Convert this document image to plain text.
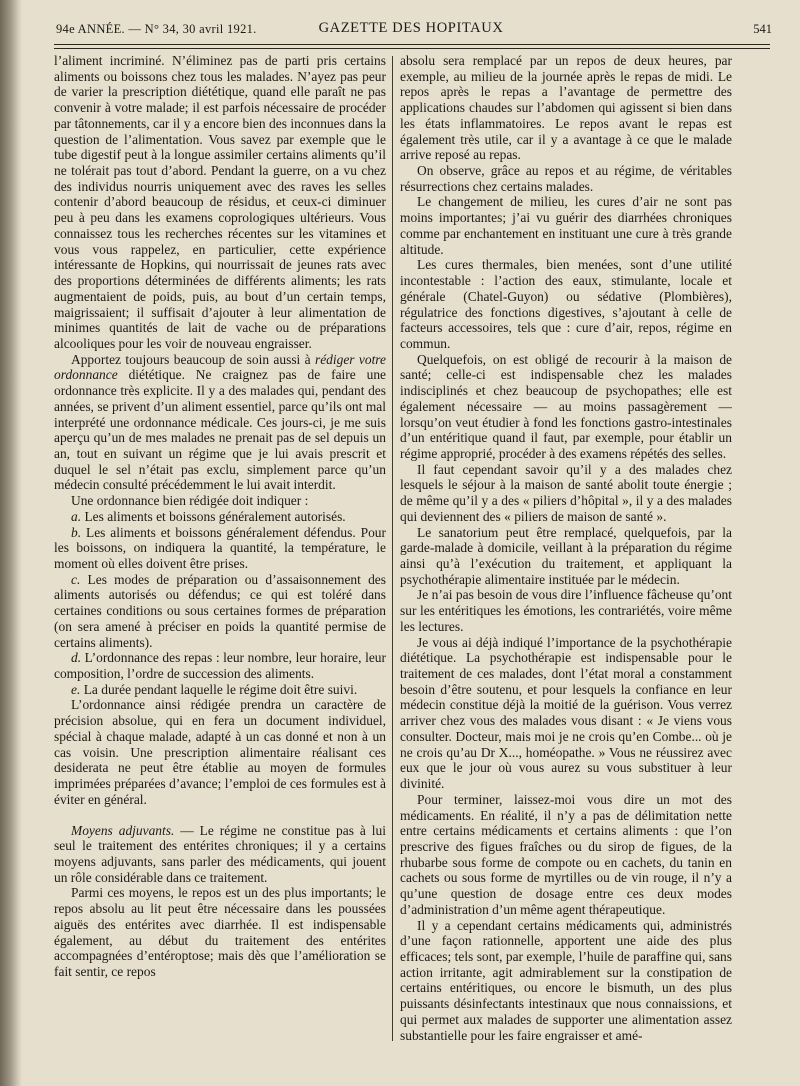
94e ANNÉE. — N° 34, 30 avril 1921.	GAZETTE DES HOPITAUX	541

l’aliment incriminé. N’éliminez pas de parti pris certains aliments ou boissons chez tous les malades. N’ayez pas peur de varier la prescription diététique, quand elle paraît ne pas convenir à votre malade; il est parfois nécessaire de procéder par tâtonnements, car il y a encore bien des inconnues dans la question de l’alimentation. Vous savez par exemple que le tube digestif peut à la longue assimiler certains aliments qu’il ne tolérait pas tout d’abord. Pendant la guerre, on a vu chez des individus nourris uniquement avec des raves les selles contenir d’abord beaucoup de résidus, et ceux-ci diminuer peu à peu dans les examens coprologiques ultérieurs. Vous connaissez tous les recherches récentes sur les vitamines et vous vous rappelez, en particulier, cette expérience intéressante de Hopkins, qui nourrissait de jeunes rats avec des proportions déterminées de différents aliments; les rats augmentaient de poids, puis, au bout d’un certain temps, maigrissaient; il suffisait d’ajouter à leur alimentation de minimes quantités de lait de vache ou de préparations alcooliques pour les voir de nouveau engraisser.

Apportez toujours beaucoup de soin aussi à rédiger votre ordonnance diététique. Ne craignez pas de faire une ordonnance très explicite. Il y a des malades qui, pendant des années, se privent d’un aliment essentiel, parce qu’ils ont mal interprété une ordonnance médicale. Ces jours-ci, je me suis aperçu qu’un de mes malades ne prenait pas de sel depuis un an, tout en suivant un régime que je lui avais prescrit et duquel le sel n’était pas exclu, simplement parce qu’un médecin consulté précédemment le lui avait interdit.

Une ordonnance bien rédigée doit indiquer :

a. Les aliments et boissons généralement autorisés.

b. Les aliments et boissons généralement défendus. Pour les boissons, on indiquera la quantité, la température, le moment où elles doivent être prises.

c. Les modes de préparation ou d’assaisonnement des aliments autorisés ou défendus; ce qui est toléré dans certaines conditions ou sous certaines formes de préparation (on sera amené à préciser en poids la quantité permise de certains aliments).

d. L’ordonnance des repas : leur nombre, leur horaire, leur composition, l’ordre de succession des aliments.

e. La durée pendant laquelle le régime doit être suivi.

L’ordonnance ainsi rédigée prendra un caractère de précision absolue, qui en fera un document individuel, spécial à chaque malade, adapté à un cas donné et non à un cas voisin. Une prescription alimentaire réalisant ces desiderata ne peut être établie au moyen de formules imprimées préparées d’avance; l’emploi de ces formules est à éviter en général.

Moyens adjuvants. — Le régime ne constitue pas à lui seul le traitement des entérites chroniques; il y a certains moyens adjuvants, sans parler des médicaments, qui jouent un rôle considérable dans ce traitement.

Parmi ces moyens, le repos est un des plus importants; le repos absolu au lit peut être nécessaire dans les poussées aiguës des entérites avec diarrhée. Il est indispensable également, au début du traitement des entérites accompagnées d’entéroptose; mais dès que l’amélioration se fait sentir, ce repos

absolu sera remplacé par un repos de deux heures, par exemple, au milieu de la journée après le repas de midi. Le repos après le repas a l’avantage de permettre des applications chaudes sur l’abdomen qui agissent si bien dans les états inflammatoires. Le repos avant le repas est également très utile, car il y a avantage à ce que le malade arrive reposé au repas.

On observe, grâce au repos et au régime, de véritables résurrections chez certains malades.

Le changement de milieu, les cures d’air ne sont pas moins importantes; j’ai vu guérir des diarrhées chroniques comme par enchantement en instituant une cure à très grande altitude.

Les cures thermales, bien menées, sont d’une utilité incontestable : l’action des eaux, stimulante, locale et générale (Chatel-Guyon) ou sédative (Plombières), régulatrice des fonctions digestives, s’ajoutant à celle de facteurs accessoires, tels que : cure d’air, repos, régime en commun.

Quelquefois, on est obligé de recourir à la maison de santé; celle-ci est indispensable chez les malades indisciplinés et chez beaucoup de psychopathes; elle est également nécessaire — au moins passagèrement — lorsqu’on veut étudier à fond les fonctions gastro-intestinales d’un entéritique quand il faut, par exemple, pour établir un régime approprié, procéder à des examens répétés des selles.

Il faut cependant savoir qu’il y a des malades chez lesquels le séjour à la maison de santé abolit toute énergie ; de même qu’il y a des « piliers d’hôpital », il y a des malades qui deviennent des « piliers de maison de santé ».

Le sanatorium peut être remplacé, quelquefois, par la garde-malade à domicile, veillant à la préparation du régime ainsi qu’à l’exécution du traitement, et appliquant la psychothérapie alimentaire instituée par le médecin.

Je n’ai pas besoin de vous dire l’influence fâcheuse qu’ont sur les entéritiques les émotions, les contrariétés, voire même les lectures.

Je vous ai déjà indiqué l’importance de la psychothérapie diététique. La psychothérapie est indispensable pour le traitement de ces malades, dont l’état moral a constamment besoin d’être soutenu, et pour lesquels la confiance en leur médecin constitue déjà la moitié de la guérison. Vous verrez arriver chez vous des malades vous disant : « Je viens vous consulter. Docteur, mais moi je ne crois qu’en Combe... où je ne crois qu’au Dr X..., homéopathe. » Vous ne réussirez avec eux que le jour où vous aurez su vous substituer à leur divinité.

Pour terminer, laissez-moi vous dire un mot des médicaments. En réalité, il n’y a pas de délimitation nette entre certains médicaments et certains aliments : que l’on prescrive des figues fraîches ou du sirop de figues, de la rhubarbe sous forme de compote ou en cachets, du tanin en cachets ou sous forme de myrtilles ou de vin rouge, il n’y a qu’une question de dosage entre ces deux modes d’administration d’un même agent thérapeutique.

Il y a cependant certains médicaments qui, administrés d’une façon rationnelle, apportent une aide des plus efficaces; tels sont, par exemple, l’huile de paraffine qui, sans action irritante, agit admirablement sur la constipation de certains entéritiques, ou encore le bismuth, un des plus puissants désinfectants intestinaux que nous connaissions, et qui permet aux malades de supporter une alimentation assez substantielle pour les faire engraisser et amé-
